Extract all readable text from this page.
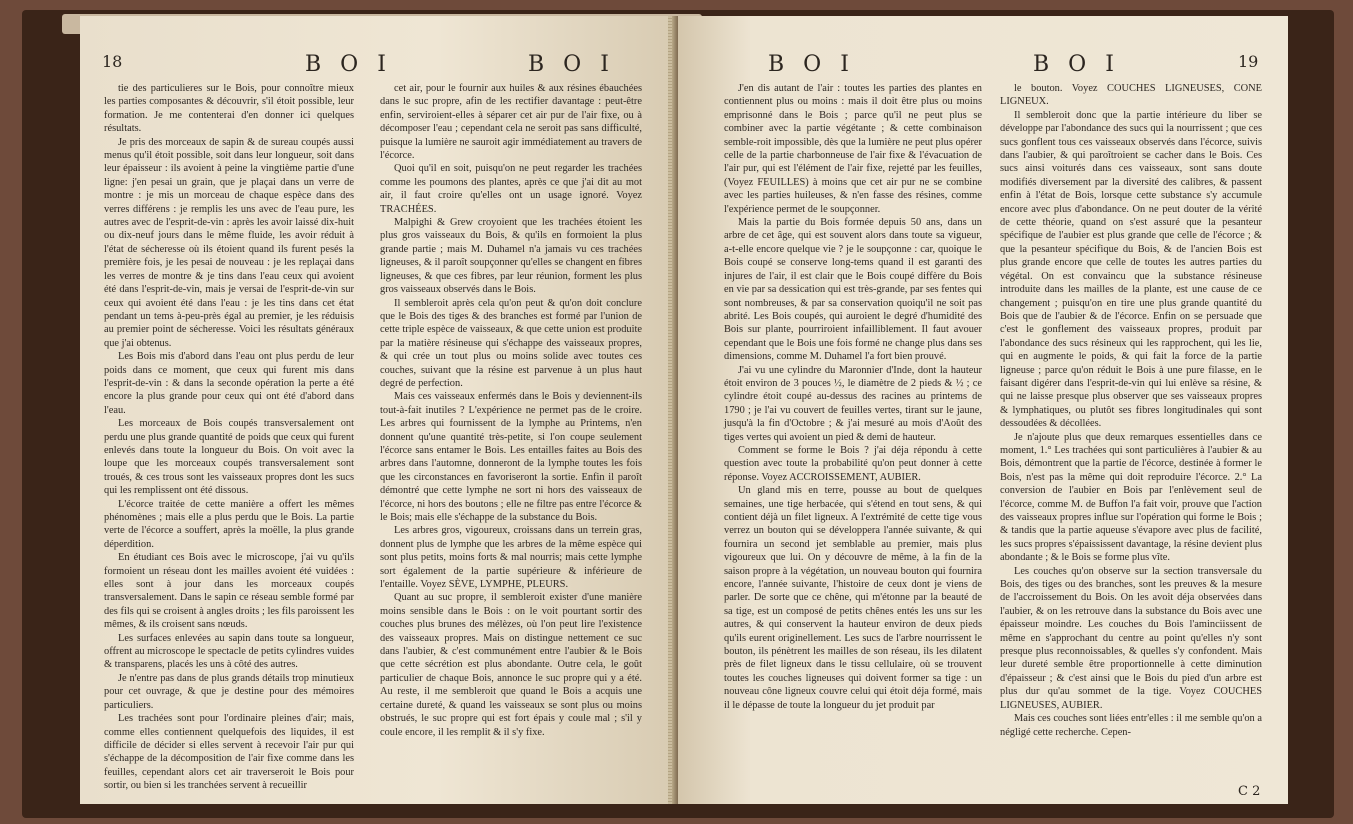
18	B O I	B O I

tie des particulieres sur le Bois, pour connoître mieux les parties composantes & découvrir, s'il étoit possible, leur formation. Je me contenterai d'en donner ici quelques résultats.

Je pris des morceaux de sapin & de sureau coupés aussi menus qu'il étoit possible, soit dans leur longueur, soit dans leur épaisseur : ils avoient à peine la vingtième partie d'une ligne: j'en pesai un grain, que je plaçai dans un verre de montre : je mis un morceau de chaque espèce dans des verres différens : je remplis les uns avec de l'eau pure, les autres avec de l'esprit-de-vin : après les avoir laissé dix-huit ou dix-neuf jours dans le même fluide, les avoir réduit à l'état de sécheresse où ils étoient quand ils furent pesés la première fois, je les pesai de nouveau : je les replaçai dans les verres de montre & je tins dans l'eau ceux qui avoient été dans l'esprit-de-vin, mais je versai de l'esprit-de-vin sur ceux qui avoient été dans l'eau : je les tins dans cet état pendant un tems à-peu-près égal au premier, je les réduisis au premier point de sécheresse. Voici les résultats généraux que j'ai obtenus.

Les Bois mis d'abord dans l'eau ont plus perdu de leur poids dans ce moment, que ceux qui furent mis dans l'esprit-de-vin : & dans la seconde opération la perte a été encore la plus grande pour ceux qui ont été d'abord dans l'eau.

Les morceaux de Bois coupés transversalement ont perdu une plus grande quantité de poids que ceux qui furent enlevés dans toute la longueur du Bois. On voit avec la loupe que les morceaux coupés transversalement sont troués, & ces trous sont les vaisseaux propres dont les sucs qui les remplissent ont été dissous.

L'écorce traitée de cette manière a offert les mêmes phénomènes ; mais elle a plus perdu que le Bois. La partie verte de l'écorce a souffert, après la moëlle, la plus grande déperdition.

En étudiant ces Bois avec le microscope, j'ai vu qu'ils formoient un réseau dont les mailles avoient été vuidées : elles sont à jour dans les morceaux coupés transversalement. Dans le sapin ce réseau semble formé par des fils qui se croisent à angles droits ; les fils paroissent les mêmes, & ils croisent sans nœuds.

Les surfaces enlevées au sapin dans toute sa longueur, offrent au microscope le spectacle de petits cylindres vuides & transparens, placés les uns à côté des autres.

Je n'entre pas dans de plus grands détails trop minutieux pour cet ouvrage, & que je destine pour des mémoires particuliers.

Les trachées sont pour l'ordinaire pleines d'air; mais, comme elles contiennent quelquefois des liquides, il est difficile de décider si elles servent à recevoir l'air pur qui s'échappe de la décomposition de l'air fixe comme dans les feuilles, cependant alors cet air traverseroit le Bois pour sortir, ou bien si les tranchées servent à recueillir

cet air, pour le fournir aux huiles & aux résines ébauchées dans le suc propre, afin de les rectifier davantage : peut-être enfin, serviroient-elles à séparer cet air pur de l'air fixe, ou à décomposer l'eau ; cependant cela ne seroit pas sans difficulté, puisque la lumière ne sauroit agir immédiatement au travers de l'écorce.

Quoi qu'il en soit, puisqu'on ne peut regarder les trachées comme les poumons des plantes, après ce que j'ai dit au mot air, il faut croire qu'elles ont un usage ignoré. Voyez TRACHÉES.

Malpighi & Grew croyoient que les trachées étoient les plus gros vaisseaux du Bois, & qu'ils en formoient la plus grande partie ; mais M. Duhamel n'a jamais vu ces trachées ligneuses, & il paroît soupçonner qu'elles se changent en fibres ligneuses, & que ces fibres, par leur réunion, forment les plus gros vaisseaux observés dans le Bois.

Il sembleroit après cela qu'on peut & qu'on doit conclure que le Bois des tiges & des branches est formé par l'union de cette triple espèce de vaisseaux, & que cette union est produite par la matière résineuse qui s'échappe des vaisseaux propres, & qui crée un tout plus ou moins solide avec toutes ces couches, suivant que la résine est parvenue à un plus haut degré de perfection.

Mais ces vaisseaux enfermés dans le Bois y deviennent-ils tout-à-fait inutiles ? L'expérience ne permet pas de le croire. Les arbres qui fournissent de la lymphe au Printems, n'en donnent qu'une quantité très-petite, si l'on coupe seulement l'écorce sans entamer le Bois. Les entailles faites au Bois des arbres dans l'automne, donneront de la lymphe toutes les fois que les circonstances en favoriseront la sortie. Enfin il paroît démontré que cette lymphe ne sort ni hors des vaisseaux de l'écorce, ni hors des boutons ; elle ne filtre pas entre l'écorce & le Bois; mais elle s'échappe de la substance du Bois.

Les arbres gros, vigoureux, croissans dans un terrein gras, donnent plus de lymphe que les arbres de la même espèce qui sont plus petits, moins forts & mal nourris; mais cette lymphe sort également de la partie supérieure & inférieure de l'entaille. Voyez SÈVE, LYMPHE, PLEURS.

Quant au suc propre, il sembleroit exister d'une manière moins sensible dans le Bois : on le voit pourtant sortir des couches plus brunes des mélèzes, où l'on peut lire l'existence des vaisseaux propres. Mais on distingue nettement ce suc dans l'aubier, & c'est communément entre l'aubier & le Bois que cette sécrétion est plus abondante. Outre cela, le goût particulier de chaque Bois, annonce le suc propre qui y a été. Au reste, il me sembleroit que quand le Bois a acquis une certaine dureté, & quand les vaisseaux se sont plus ou moins obstrués, le suc propre qui est fort épais y coule mal ; s'il y coule encore, il les remplit & il s'y fixe.

B O I	B O I	19

J'en dis autant de l'air : toutes les parties des plantes en contiennent plus ou moins : mais il doit être plus ou moins emprisonné dans le Bois ; parce qu'il ne peut plus se combiner avec la partie végétante ; & cette combinaison semble-roit impossible, dès que la lumière ne peut plus opérer celle de la partie charbonneuse de l'air fixe & l'évacuation de l'air pur, qui est l'élément de l'air fixe, rejetté par les feuilles, (Voyez FEUILLES) à moins que cet air pur ne se combine avec les parties huileuses, & n'en fasse des résines, comme l'expérience permet de le soupçonner.

Mais la partie du Bois formée depuis 50 ans, dans un arbre de cet âge, qui est souvent alors dans toute sa vigueur, a-t-elle encore quelque vie ? je le soupçonne : car, quoique le Bois coupé se conserve long-tems quand il est garanti des injures de l'air, il est clair que le Bois coupé diffère du Bois en vie par sa dessication qui est très-grande, par ses fentes qui sont nombreuses, & par sa conservation quoiqu'il ne soit pas abrité. Les Bois coupés, qui auroient le degré d'humidité des Bois sur plante, pourriroient infailliblement. Il faut avouer cependant que le Bois une fois formé ne change plus dans ses dimensions, comme M. Duhamel l'a fort bien prouvé.

J'ai vu une cylindre du Maronnier d'Inde, dont la hauteur étoit environ de 3 pouces ½, le diamètre de 2 pieds & ½ ; ce cylindre étoit coupé au-dessus des racines au printems de 1790 ; je l'ai vu couvert de feuilles vertes, tirant sur le jaune, jusqu'à la fin d'Octobre ; & j'ai mesuré au mois d'Août des tiges vertes qui avoient un pied & demi de hauteur.

Comment se forme le Bois ? j'ai déja répondu à cette question avec toute la probabilité qu'on peut donner à cette réponse. Voyez ACCROISSEMENT, AUBIER.

Un gland mis en terre, pousse au bout de quelques semaines, une tige herbacée, qui s'étend en tout sens, & qui contient déjà un filet ligneux. A l'extrémité de cette tige vous verrez un bouton qui se développera l'année suivante, & qui fournira un second jet semblable au premier, mais plus vigoureux que lui. On y découvre de même, à la fin de la saison propre à la végétation, un nouveau bouton qui fournira encore, l'année suivante, l'histoire de ceux dont je viens de parler. De sorte que ce chêne, qui m'étonne par la beauté de sa tige, est un composé de petits chênes entés les uns sur les autres, & qui conservent la hauteur environ de deux pieds qu'ils eurent originellement. Les sucs de l'arbre nourrissent le bouton, ils pénètrent les mailles de son réseau, ils les dilatent près de filet ligneux dans le tissu cellulaire, où se trouvent toutes les couches ligneuses qui doivent former sa tige : un nouveau cône ligneux couvre celui qui étoit déja formé, mais il le dépasse de toute la longueur du jet produit par

le bouton. Voyez COUCHES LIGNEUSES, CONE LIGNEUX.

Il sembleroit donc que la partie intérieure du liber se développe par l'abondance des sucs qui la nourrissent ; que ces sucs gonflent tous ces vaisseaux observés dans l'écorce, suivis dans l'aubier, & qui paroîtroient se cacher dans le Bois. Ces sucs ainsi voiturés dans ces vaisseaux, sont sans doute modifiés diversement par la diversité des calibres, & passent enfin à l'état de Bois, lorsque cette substance s'y accumule encore avec plus d'abondance. On ne peut douter de la vérité de cette théorie, quand on s'est assuré que la pesanteur spécifique de l'aubier est plus grande que celle de l'écorce ; & que la pesanteur spécifique du Bois, & de l'ancien Bois est plus grande encore que celle de toutes les autres parties du végétal. On est convaincu que la substance résineuse introduite dans les mailles de la plante, est une cause de ce changement ; puisqu'on en tire une plus grande quantité du Bois que de l'aubier & de l'écorce. Enfin on se persuade que c'est le gonflement des vaisseaux propres, produit par l'abondance des sucs résineux qui les rapprochent, qui les lie, qui en augmente le poids, & qui fait la force de la partie ligneuse ; parce qu'on réduit le Bois à une pure filasse, en le faisant digérer dans l'esprit-de-vin qui lui enlève sa résine, & qui ne laisse presque plus observer que ses vaisseaux propres & lymphatiques, ou plutôt ses fibres longitudinales qui sont dessoudées & décollées.

Je n'ajoute plus que deux remarques essentielles dans ce moment, 1.° Les trachées qui sont particulières à l'aubier & au Bois, démontrent que la partie de l'écorce, destinée à former le Bois, n'est pas la même qui doit reproduire l'écorce. 2.° La conversion de l'aubier en Bois par l'enlèvement seul de l'écorce, comme M. de Buffon l'a fait voir, prouve que l'action des vaisseaux propres influe sur l'opération qui forme le Bois ; & tandis que la partie aqueuse s'évapore avec plus de facilité, les sucs propres s'épaississent davantage, la résine devient plus abondante ; & le Bois se forme plus vîte.

Les couches qu'on observe sur la section transversale du Bois, des tiges ou des branches, sont les preuves & la mesure de l'accroissement du Bois. On les avoit déja observées dans l'aubier, & on les retrouve dans la substance du Bois avec une épaisseur moindre. Les couches du Bois l'aminciissent de même en s'approchant du centre au point qu'elles n'y sont presque plus reconnoissables, & quelles s'y confondent. Mais leur dureté semble être proportionnelle à cette diminution d'épaisseur ; & c'est ainsi que le Bois du pied d'un arbre est plus dur qu'au sommet de la tige. Voyez COUCHES LIGNEUSES, AUBIER.

Mais ces couches sont liées entr'elles : il me semble qu'on a négligé cette recherche. Cepen-

C 2
